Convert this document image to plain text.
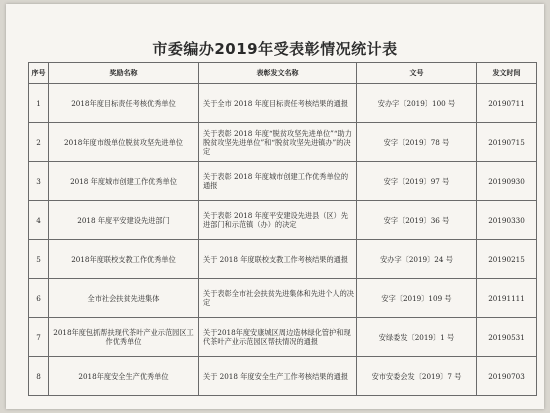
市委编办2019年受表彰情况统计表
序号	奖励名称	表彰发文名称	文号	发文时间
1	2018年度目标责任考核优秀单位	关于全市 2018 年度目标责任考核结果的通报	安办字〔2019〕100 号	20190711
2	2018年度市级单位脱贫攻坚先进单位	关于表彰 2018 年度“脱贫攻坚先进单位”“助力脱贫攻坚先进单位”和“脱贫攻坚先进镇办”的决定	安字〔2019〕78 号	20190715
3	2018 年度城市创建工作优秀单位	关于表彰 2018 年度城市创建工作优秀单位的通报	安字〔2019〕97 号	20190930
4	2018 年度平安建设先进部门	关于表彰 2018 年度平安建设先进县（区）先进部门和示范镇（办）的决定	安字〔2019〕36 号	20190330
5	2018年度联校支教工作优秀单位	关于 2018 年度联校支教工作考核结果的通报	安办字〔2019〕24 号	20190215
6	全市社会扶贫先进集体	关于表彰全市社会扶贫先进集体和先进个人的决定	安字〔2019〕109 号	20191111
7	2018年度包抓帮扶现代茶叶产业示范园区工作优秀单位	关于2018年度安康城区周边造林绿化管护和现代茶叶产业示范园区帮扶情况的通报	安绿委发〔2019〕1 号	20190531
8	2018年度安全生产优秀单位	关于 2018 年度安全生产工作考核结果的通报	安市安委会发〔2019〕7 号	20190703
